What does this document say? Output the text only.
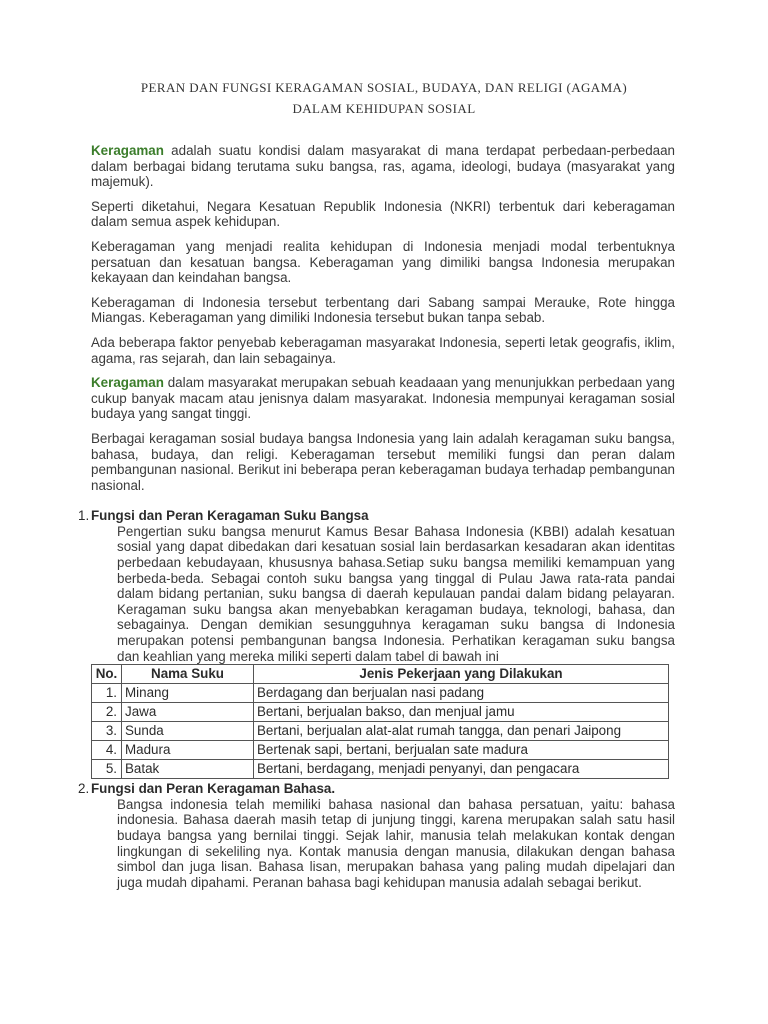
PERAN DAN FUNGSI KERAGAMAN SOSIAL, BUDAYA, DAN RELIGI (AGAMA)
DALAM KEHIDUPAN SOSIAL

Keragaman adalah suatu kondisi dalam masyarakat di mana terdapat perbedaan-perbedaan dalam berbagai bidang terutama suku bangsa, ras, agama, ideologi, budaya (masyarakat yang majemuk).

Seperti diketahui, Negara Kesatuan Republik Indonesia (NKRI) terbentuk dari keberagaman dalam semua aspek kehidupan.

Keberagaman yang menjadi realita kehidupan di Indonesia menjadi modal terbentuknya persatuan dan kesatuan bangsa. Keberagaman yang dimiliki bangsa Indonesia merupakan kekayaan dan keindahan bangsa.

Keberagaman di Indonesia tersebut terbentang dari Sabang sampai Merauke, Rote hingga Miangas. Keberagaman yang dimiliki Indonesia tersebut bukan tanpa sebab.

Ada beberapa faktor penyebab keberagaman masyarakat Indonesia, seperti letak geografis, iklim, agama, ras sejarah, dan lain sebagainya.

Keragaman dalam masyarakat merupakan sebuah keadaaan yang menunjukkan perbedaan yang cukup banyak macam atau jenisnya dalam masyarakat. Indonesia mempunyai keragaman sosial budaya yang sangat tinggi.

Berbagai keragaman sosial budaya bangsa Indonesia yang lain adalah keragaman suku bangsa, bahasa, budaya, dan religi. Keberagaman tersebut memiliki fungsi dan peran dalam pembangunan nasional. Berikut ini beberapa peran keberagaman budaya terhadap pembangunan nasional.

1. Fungsi dan Peran Keragaman Suku Bangsa

Pengertian suku bangsa menurut Kamus Besar Bahasa Indonesia (KBBI) adalah kesatuan sosial yang dapat dibedakan dari kesatuan sosial lain berdasarkan kesadaran akan identitas perbedaan kebudayaan, khususnya bahasa.Setiap suku bangsa memiliki kemampuan yang berbeda-beda. Sebagai contoh suku bangsa yang tinggal di Pulau Jawa rata-rata pandai dalam bidang pertanian, suku bangsa di daerah kepulauan pandai dalam bidang pelayaran. Keragaman suku bangsa akan menyebabkan keragaman budaya, teknologi, bahasa, dan sebagainya. Dengan demikian sesungguhnya keragaman suku bangsa di Indonesia merupakan potensi pembangunan bangsa Indonesia. Perhatikan keragaman suku bangsa dan keahlian yang mereka miliki seperti dalam tabel di bawah ini

No.	Nama Suku	Jenis Pekerjaan yang Dilakukan
1.	Minang	Berdagang dan berjualan nasi padang
2.	Jawa	Bertani, berjualan bakso, dan menjual jamu
3.	Sunda	Bertani, berjualan alat-alat rumah tangga, dan penari Jaipong
4.	Madura	Bertenak sapi, bertani, berjualan sate madura
5.	Batak	Bertani, berdagang, menjadi penyanyi, dan pengacara
2. Fungsi dan Peran Keragaman Bahasa.

Bangsa indonesia telah memiliki bahasa nasional dan bahasa persatuan, yaitu: bahasa indonesia. Bahasa daerah masih tetap di junjung tinggi, karena merupakan salah satu hasil budaya bangsa yang bernilai tinggi. Sejak lahir, manusia telah melakukan kontak dengan lingkungan di sekeliling nya. Kontak manusia dengan manusia, dilakukan dengan bahasa simbol dan juga lisan. Bahasa lisan, merupakan bahasa yang paling mudah dipelajari dan juga mudah dipahami. Peranan bahasa bagi kehidupan manusia adalah sebagai berikut.
